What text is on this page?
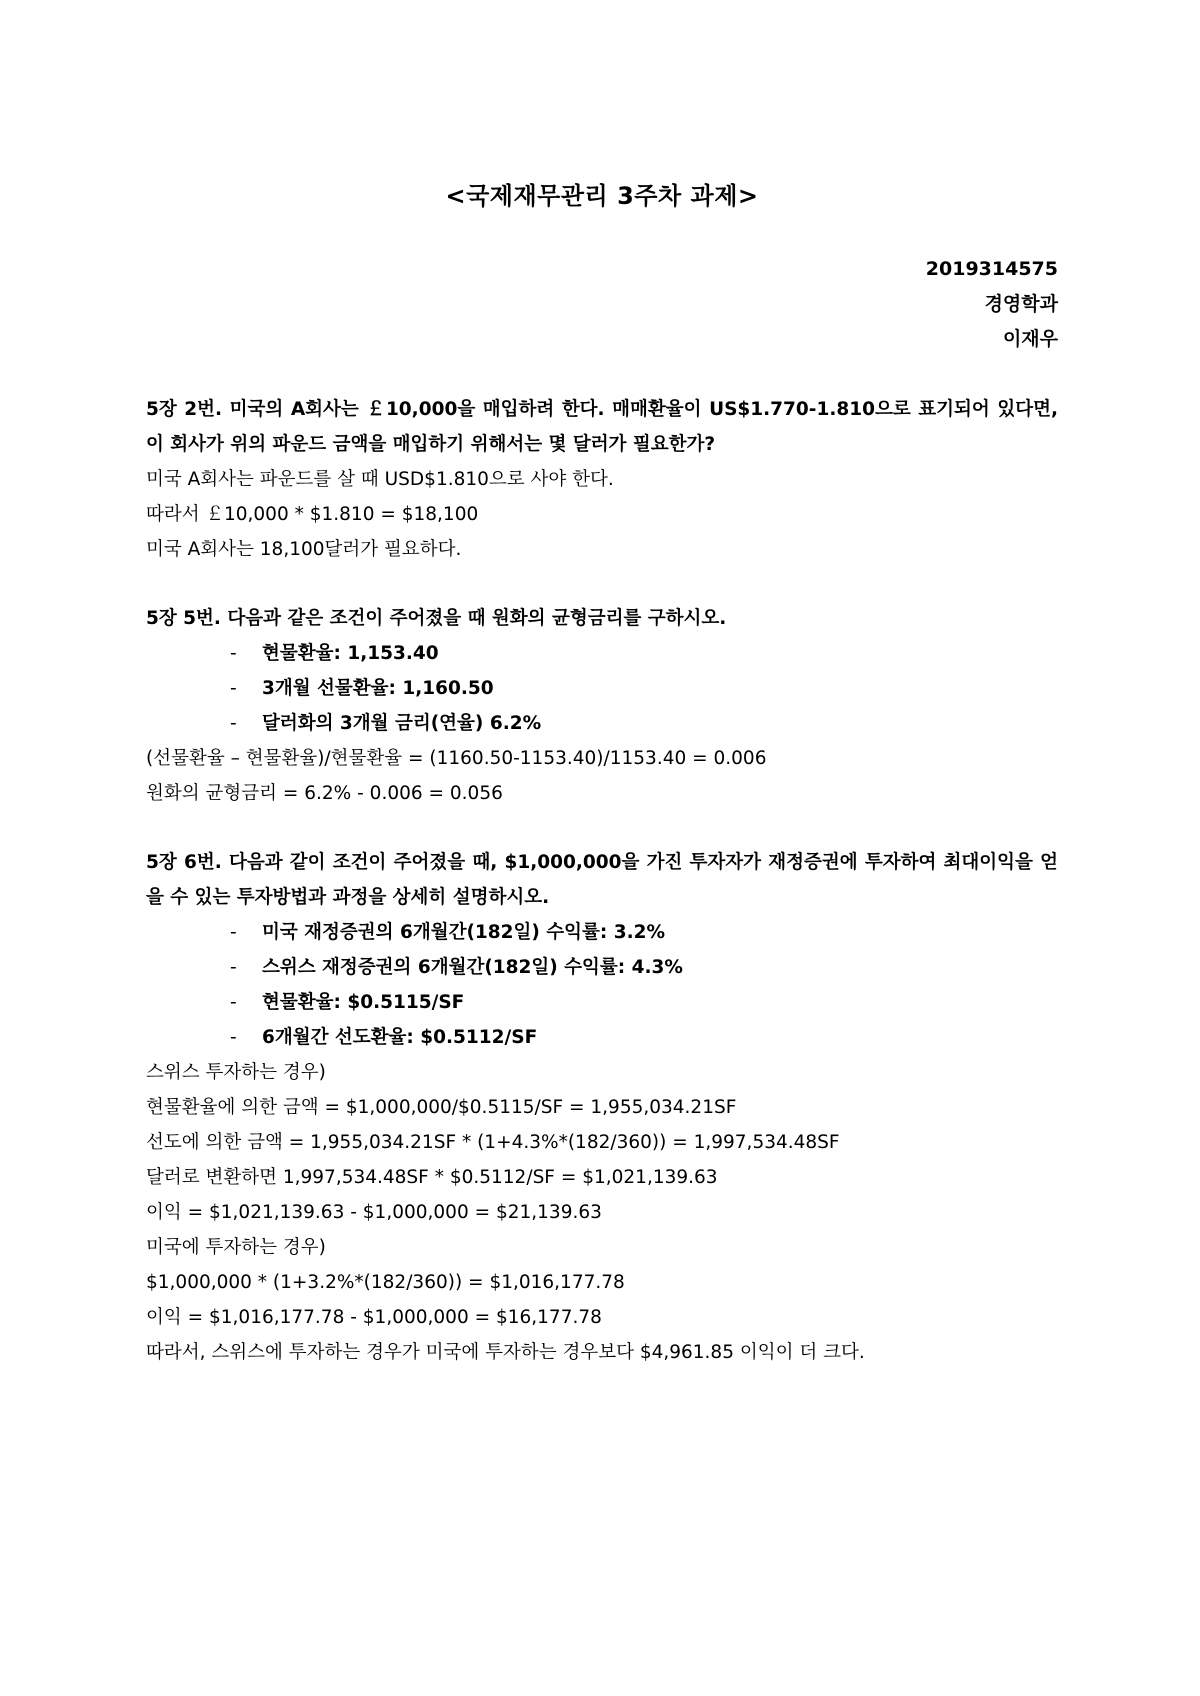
<국제재무관리 3주차 과제>
2019314575
경영학과
이재우
5장 2번. 미국의 A회사는 ￡10,000을 매입하려 한다. 매매환율이 US$1.770-1.810으로 표기되어 있다면, 이 회사가 위의 파운드 금액을 매입하기 위해서는 몇 달러가 필요한가?
미국 A회사는 파운드를 살 때 USD$1.810으로 사야 한다.
따라서 ￡10,000 * $1.810 = $18,100
미국 A회사는 18,100달러가 필요하다.
5장 5번. 다음과 같은 조건이 주어졌을 때 원화의 균형금리를 구하시오.
- 현물환율: 1,153.40
- 3개월 선물환율: 1,160.50
- 달러화의 3개월 금리(연율) 6.2%
(선물환율 – 현물환율)/현물환율 = (1160.50-1153.40)/1153.40 = 0.006
원화의 균형금리 = 6.2% - 0.006 = 0.056
5장 6번. 다음과 같이 조건이 주어졌을 때, $1,000,000을 가진 투자자가 재정증권에 투자하여 최대이익을 얻을 수 있는 투자방법과 과정을 상세히 설명하시오.
- 미국 재정증권의 6개월간(182일) 수익률: 3.2%
- 스위스 재정증권의 6개월간(182일) 수익률: 4.3%
- 현물환율: $0.5115/SF
- 6개월간 선도환율: $0.5112/SF
스위스 투자하는 경우)
현물환율에 의한 금액 = $1,000,000/$0.5115/SF = 1,955,034.21SF
선도에 의한 금액 = 1,955,034.21SF * (1+4.3%*(182/360)) = 1,997,534.48SF
달러로 변환하면 1,997,534.48SF * $0.5112/SF = $1,021,139.63
이익 = $1,021,139.63 - $1,000,000 = $21,139.63
미국에 투자하는 경우)
$1,000,000 * (1+3.2%*(182/360)) = $1,016,177.78
이익 = $1,016,177.78 - $1,000,000 = $16,177.78
따라서, 스위스에 투자하는 경우가 미국에 투자하는 경우보다 $4,961.85 이익이 더 크다.
